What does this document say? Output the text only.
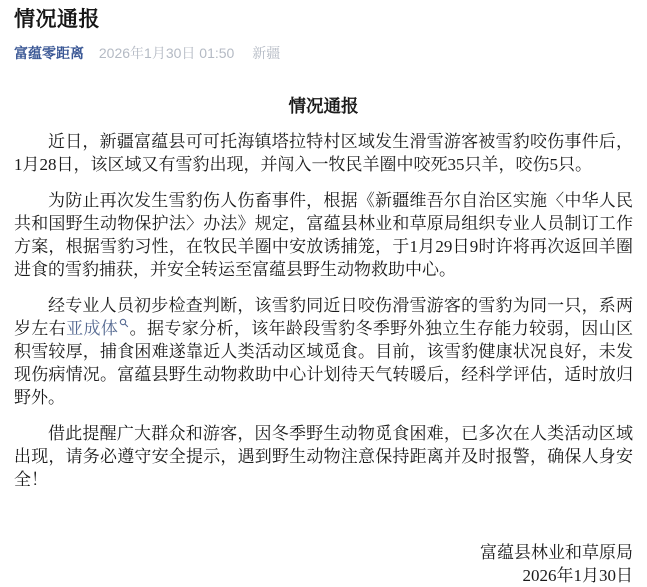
情况通报
富蕴零距离 2026年1月30日 01:50 新疆
情况通报

近日，新疆富蕴县可可托海镇塔拉特村区域发生滑雪游客被雪豹咬伤事件后，1月28日，该区域又有雪豹出现，并闯入一牧民羊圈中咬死35只羊，咬伤5只。

为防止再次发生雪豹伤人伤畜事件，根据《新疆维吾尔自治区实施〈中华人民共和国野生动物保护法〉办法》规定，富蕴县林业和草原局组织专业人员制订工作方案，根据雪豹习性，在牧民羊圈中安放诱捕笼，于1月29日9时许将再次返回羊圈进食的雪豹捕获，并安全转运至富蕴县野生动物救助中心。

经专业人员初步检查判断，该雪豹同近日咬伤滑雪游客的雪豹为同一只，系两岁左右亚成体 。据专家分析，该年龄段雪豹冬季野外独立生存能力较弱，因山区积雪较厚，捕食困难遂靠近人类活动区域觅食。目前，该雪豹健康状况良好，未发现伤病情况。富蕴县野生动物救助中心计划待天气转暖后，经科学评估，适时放归野外。

借此提醒广大群众和游客，因冬季野生动物觅食困难，已多次在人类活动区域出现，请务必遵守安全提示，遇到野生动物注意保持距离并及时报警，确保人身安全！

富蕴县林业和草原局
2026年1月30日
